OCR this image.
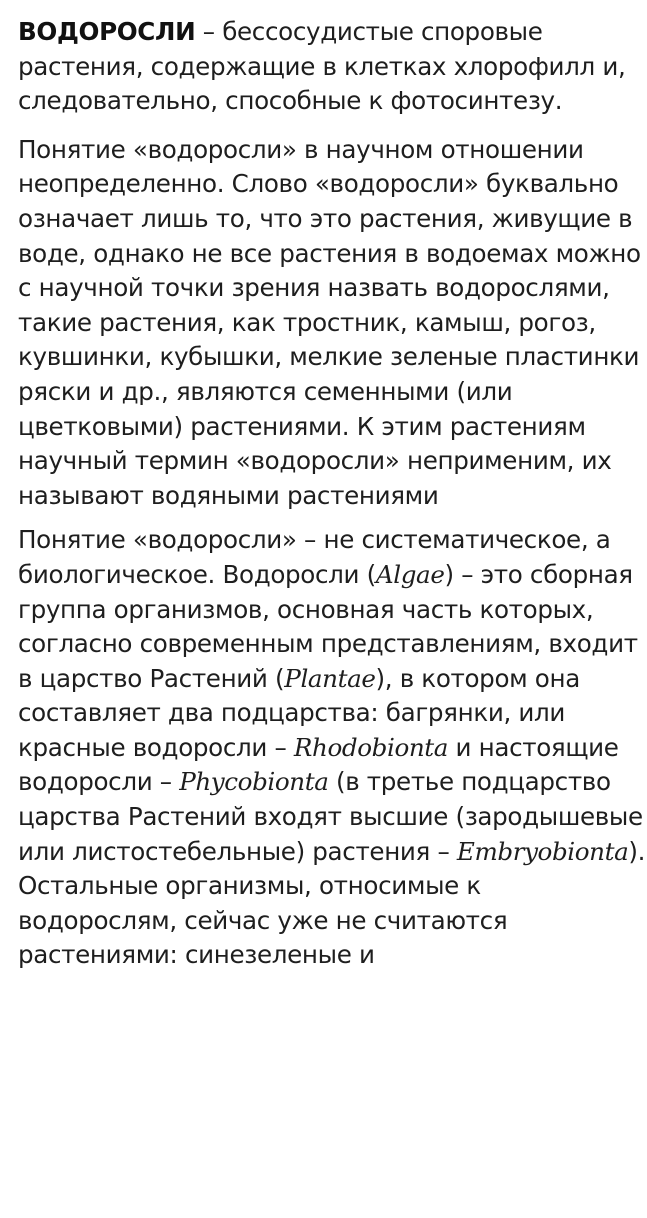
ВОДОРОСЛИ – бессосудистые споровые растения, содержащие в клетках хлорофилл и, следовательно, способные к фотосинтезу.

Понятие «водоросли» в научном отношении неопределенно. Слово «водоросли» буквально означает лишь то, что это растения, живущие в воде, однако не все растения в водоемах можно с научной точки зрения назвать водорослями, такие растения, как тростник, камыш, рогоз, кувшинки, кубышки, мелкие зеленые пластинки ряски и др., являются семенными (или цветковыми) растениями. К этим растениям научный термин «водоросли» неприменим, их называют водяными растениями

Понятие «водоросли» – не систематическое, а биологическое. Водоросли (Algae) – это сборная группа организмов, основная часть которых, согласно современным представлениям, входит в царство Растений (Plantae), в котором она составляет два подцарства: багрянки, или красные водоросли – Rhodobionta и настоящие водоросли – Phycobionta (в третье подцарство царства Растений входят высшие (зародышевые или листостебельные) растения – Embryobionta). Остальные организмы, относимые к водорослям, сейчас уже не считаются растениями: синезеленые и
